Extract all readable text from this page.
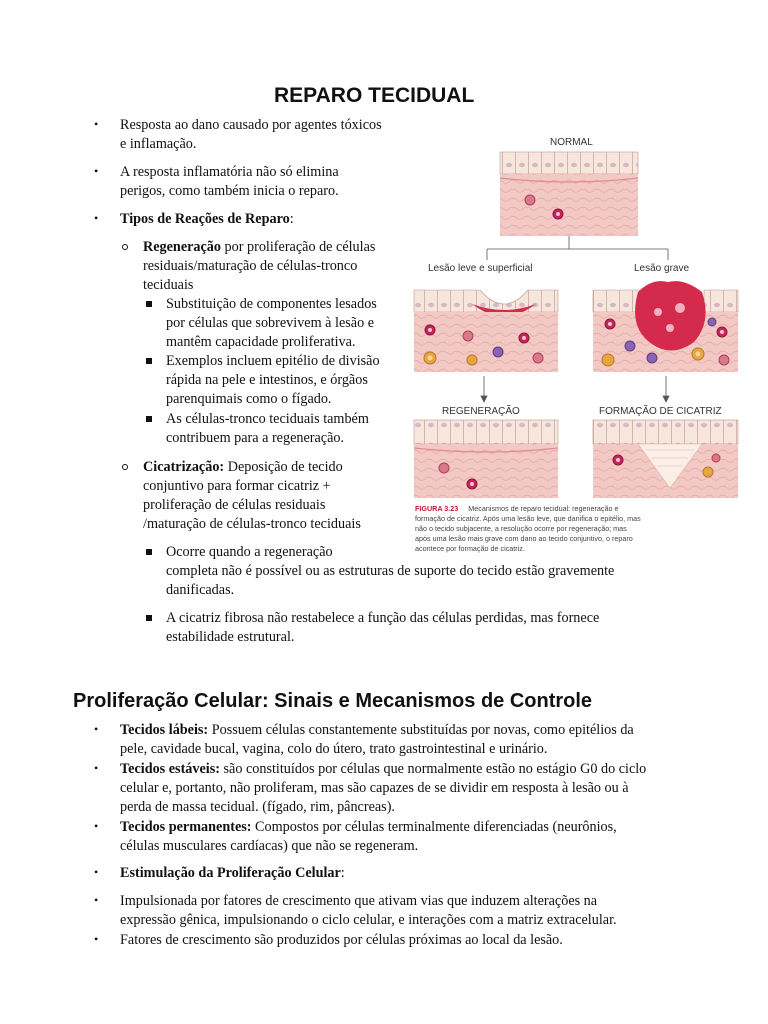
REPARO TECIDUAL
• Resposta ao dano causado por agentes tóxicos
e inflamação.
• A resposta inflamatória não só elimina
perigos, como também inicia o reparo.
• Tipos de Reações de Reparo:
Regeneração por proliferação de células
residuais/maturação de células-tronco
teciduais
Substituição de componentes lesados
por células que sobrevivem à lesão e
mantêm capacidade proliferativa.
Exemplos incluem epitélio de divisão
rápida na pele e intestinos, e órgãos
parenquimais como o fígado.
As células-tronco teciduais também
contribuem para a regeneração.
Cicatrização: Deposição de tecido
conjuntivo para formar cicatriz +
proliferação de células residuais
/maturação de células-tronco teciduais
Ocorre quando a regeneração
completa não é possível ou as estruturas de suporte do tecido estão gravemente
danificadas.
A cicatriz fibrosa não restabelece a função das células perdidas, mas fornece
estabilidade estrutural.
NORMAL
Lesão leve e superficial	Lesão grave
REGENERAÇÃO	FORMAÇÃO DE CICATRIZ
FIGURA 3.23 Mecanismos de reparo tecidual: regeneração e
formação de cicatriz. Após uma lesão leve, que danifica o epitélio, mas
não o tecido subjacente, a resolução ocorre por regeneração; mas
após uma lesão mais grave com dano ao tecido conjuntivo, o reparo
acontece por formação de cicatriz.
Proliferação Celular: Sinais e Mecanismos de Controle
• Tecidos lábeis: Possuem células constantemente substituídas por novas, como epitélios da
pele, cavidade bucal, vagina, colo do útero, trato gastrointestinal e urinário.
• Tecidos estáveis: são constituídos por células que normalmente estão no estágio G0 do ciclo
celular e, portanto, não proliferam, mas são capazes de se dividir em resposta à lesão ou à
perda de massa tecidual. (fígado, rim, pâncreas).
• Tecidos permanentes: Compostos por células terminalmente diferenciadas (neurônios,
células musculares cardíacas) que não se regeneram.
• Estimulação da Proliferação Celular:
• Impulsionada por fatores de crescimento que ativam vias que induzem alterações na
expressão gênica, impulsionando o ciclo celular, e interações com a matriz extracelular.
• Fatores de crescimento são produzidos por células próximas ao local da lesão.
